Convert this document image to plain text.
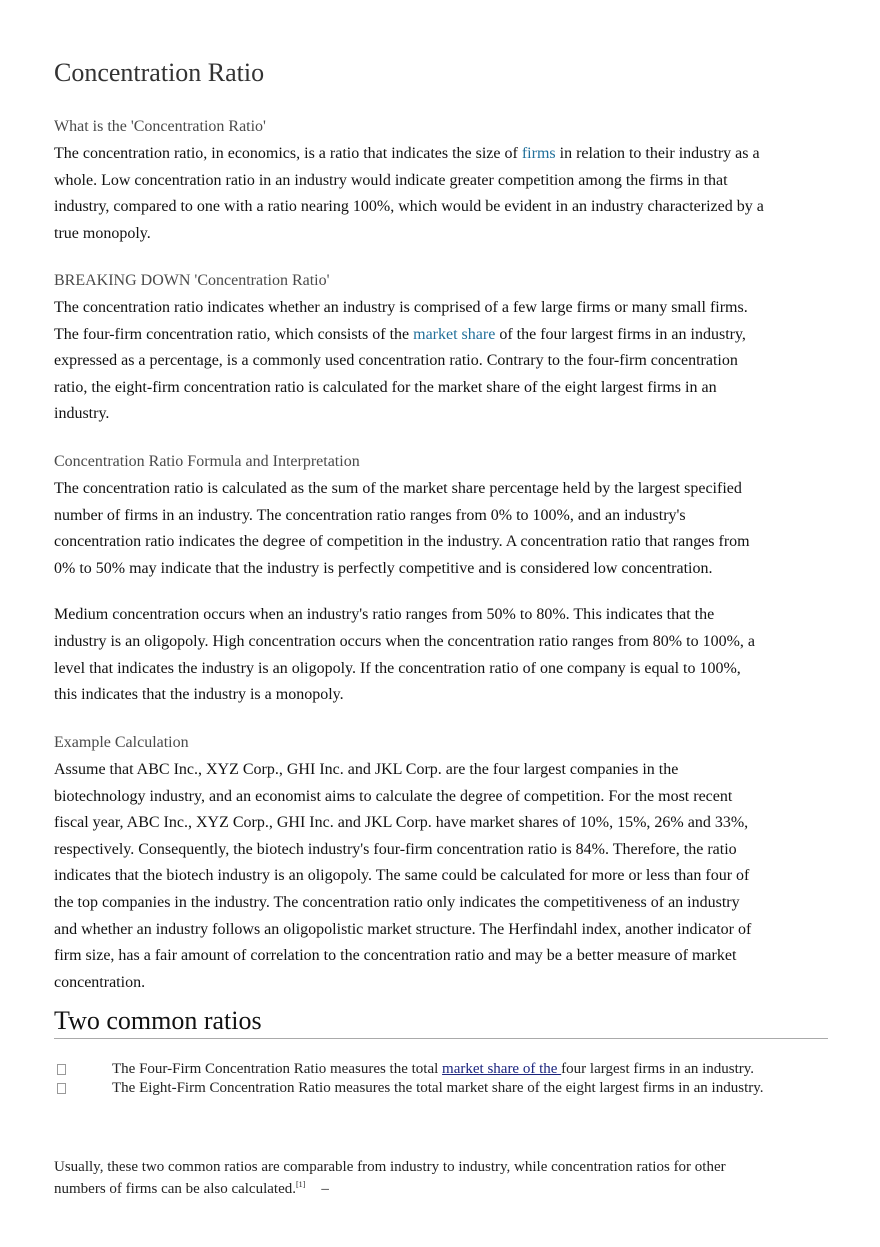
Concentration Ratio
What is the 'Concentration Ratio'

The concentration ratio, in economics, is a ratio that indicates the size of firms in relation to their industry as a whole. Low concentration ratio in an industry would indicate greater competition among the firms in that industry, compared to one with a ratio nearing 100%, which would be evident in an industry characterized by a true monopoly.

BREAKING DOWN 'Concentration Ratio'

The concentration ratio indicates whether an industry is comprised of a few large firms or many small firms. The four-firm concentration ratio, which consists of the market share of the four largest firms in an industry, expressed as a percentage, is a commonly used concentration ratio. Contrary to the four-firm concentration ratio, the eight-firm concentration ratio is calculated for the market share of the eight largest firms in an industry.

Concentration Ratio Formula and Interpretation

The concentration ratio is calculated as the sum of the market share percentage held by the largest specified number of firms in an industry. The concentration ratio ranges from 0% to 100%, and an industry's concentration ratio indicates the degree of competition in the industry. A concentration ratio that ranges from 0% to 50% may indicate that the industry is perfectly competitive and is considered low concentration.

Medium concentration occurs when an industry's ratio ranges from 50% to 80%. This indicates that the industry is an oligopoly. High concentration occurs when the concentration ratio ranges from 80% to 100%, a level that indicates the industry is an oligopoly. If the concentration ratio of one company is equal to 100%, this indicates that the industry is a monopoly.

Example Calculation

Assume that ABC Inc., XYZ Corp., GHI Inc. and JKL Corp. are the four largest companies in the biotechnology industry, and an economist aims to calculate the degree of competition. For the most recent fiscal year, ABC Inc., XYZ Corp., GHI Inc. and JKL Corp. have market shares of 10%, 15%, 26% and 33%, respectively. Consequently, the biotech industry's four-firm concentration ratio is 84%. Therefore, the ratio indicates that the biotech industry is an oligopoly. The same could be calculated for more or less than four of the top companies in the industry. The concentration ratio only indicates the competitiveness of an industry and whether an industry follows an oligopolistic market structure. The Herfindahl index, another indicator of firm size, has a fair amount of correlation to the concentration ratio and may be a better measure of market concentration.

Two common ratios
The Four-Firm Concentration Ratio measures the total market share of the four largest firms in an industry.
The Eight-Firm Concentration Ratio measures the total market share of the eight largest firms in an industry.

Usually, these two common ratios are comparable from industry to industry, while concentration ratios for other numbers of firms can be also calculated.[1] –
